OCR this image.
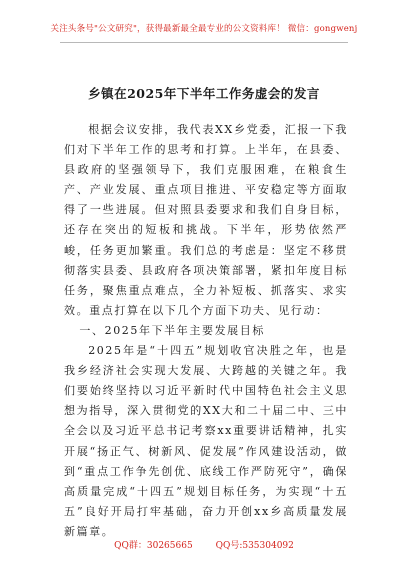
关注头条号"公文研究"，获得最新最全最专业的公文资料库！ 微信：gongwenj
乡镇在2025年下半年工作务虚会的发言

根据会议安排，我代表XX乡党委，汇报一下我们对下半年工作的思考和打算。上半年，在县委、县政府的坚强领导下，我们克服困难，在粮食生产、产业发展、重点项目推进、平安稳定等方面取得了一些进展。但对照县委要求和我们自身目标，还存在突出的短板和挑战。下半年，形势依然严峻，任务更加繁重。我们总的考虑是：坚定不移贯彻落实县委、县政府各项决策部署，紧扣年度目标任务，聚焦重点难点，全力补短板、抓落实、求实效。重点打算在以下几个方面下功夫、见行动：

一、2025年下半年主要发展目标

2025年是“十四五”规划收官决胜之年，也是我乡经济社会实现大发展、大跨越的关键之年。我们要始终坚持以习近平新时代中国特色社会主义思想为指导，深入贯彻党的XX大和二十届二中、三中全会以及习近平总书记考察xx重要讲话精神，扎实开展“扬正气、树新风、促发展”作风建设活动，做到“重点工作争先创优、底线工作严防死守”，确保高质量完成“十四五”规划目标任务，为实现“十五五”良好开局打牢基础，奋力开创xx乡高质量发展新篇章。

QQ群：30265665	QQ号:535304092
